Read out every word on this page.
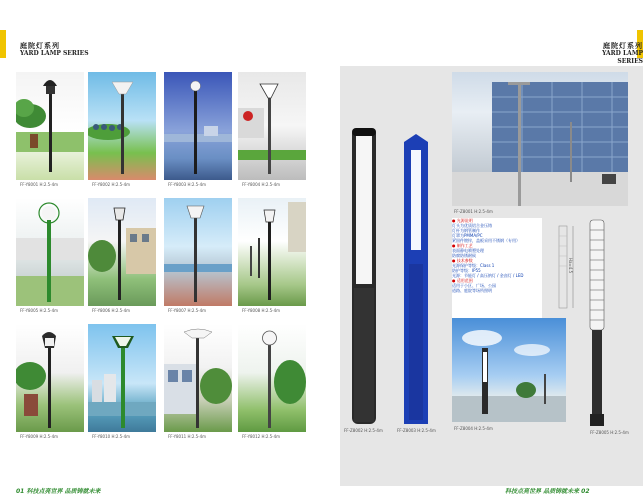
庭院灯系列
YARD LAMP SERIES
FF-Y8001 H:2.5-4m	FF-Y8002 H:2.5-4m	FF-Y8003 H:2.5-4m	FF-Y8004 H:2.5-4m
FF-Y8005 H:2.5-4m	FF-Y8006 H:2.5-4m	FF-Y8007 H:2.5-4m	FF-Y8008 H:2.5-4m
FF-Y8009 H:2.5-4m	FF-Y8010 H:2.5-4m	FF-Y8011 H:2.5-4m	FF-Y8012 H:2.5-4m
01 科技点亮世界 品质铸就未来
庭院灯系列
YARD LAMP SERIES
FF-Z8002 H:2.5-4m	FF-Z8003 H:2.5-4m
FF-Z8001 H:2.5-4m
● 光源说明
灯头为优质铝合金压铸
灯杆为钢管制作
灯罩为PMMA/PC
紧固件镀锌，盖板采用不锈钢（专用）
● 制作工艺
表面静电喷塑处理
防腐防锈耐候
● 技术参数
光源保护等级：Class 1
防护等级：IP55
光源：节能灯 / 高压钠灯 / 金卤灯 / LED
● 适用范围
适用于小区、广场、公园
道路、庭院等场所照明
Ha=4.5
FF-Z8004 H:2.5-4m
FF-Z8005 H:2.5-4m
科技点亮世界 品质铸就未来 02
